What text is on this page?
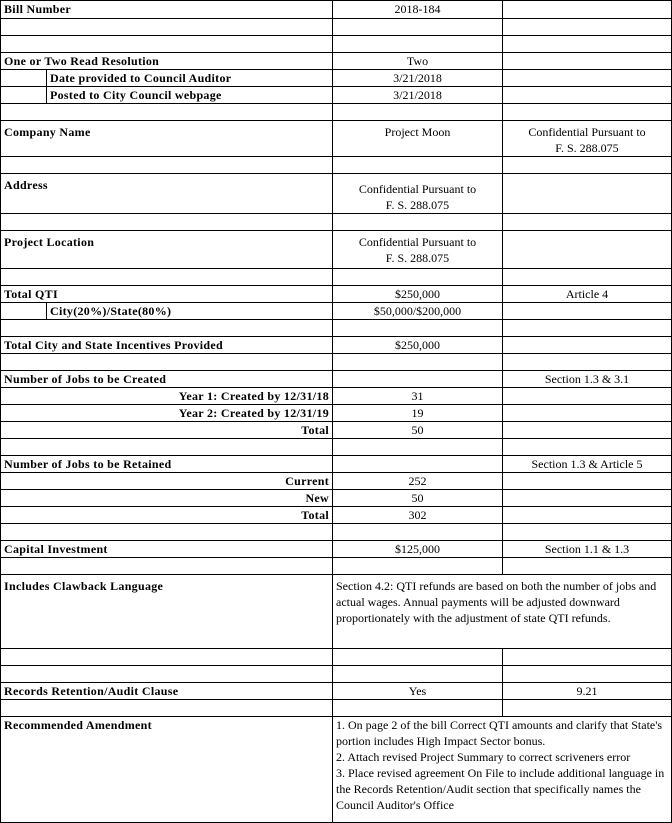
Bill Number		2018-184	

One or Two Read Resolution		Two	
	Date provided to Council Auditor	3/21/2018	
	Posted to City Council webpage	3/21/2018	

Company Name		Project Moon	Confidential Pursuant to
F. S. 288.075

Address		Confidential Pursuant to
F. S. 288.075	

Project Location		Confidential Pursuant to
F. S. 288.075	

Total QTI		$250,000	Article 4
	City(20%)/State(80%)	$50,000/$200,000	

Total City and State Incentives Provided		$250,000	

Number of Jobs to be Created			Section 1.3 & 3.1
Year 1: Created by 12/31/18		31	
Year 2: Created by 12/31/19		19	
Total		50	

Number of Jobs to be Retained			Section 1.3 & Article 5
Current		252	
New		50	
Total		302	

Capital Investment		$125,000	Section 1.1 & 1.3

Includes Clawback Language		Section 4.2: QTI refunds are based on both the number of jobs and actual wages. Annual payments will be adjusted downward proportionately with the adjustment of state QTI refunds.	

Records Retention/Audit Clause		Yes	9.21

Recommended Amendment		1. On page 2 of the bill Correct QTI amounts and clarify that State's portion includes High Impact Sector bonus.
2. Attach revised Project Summary to correct scriveners error
3. Place revised agreement On File to include additional language in the Records Retention/Audit section that specifically names the Council Auditor's Office	
